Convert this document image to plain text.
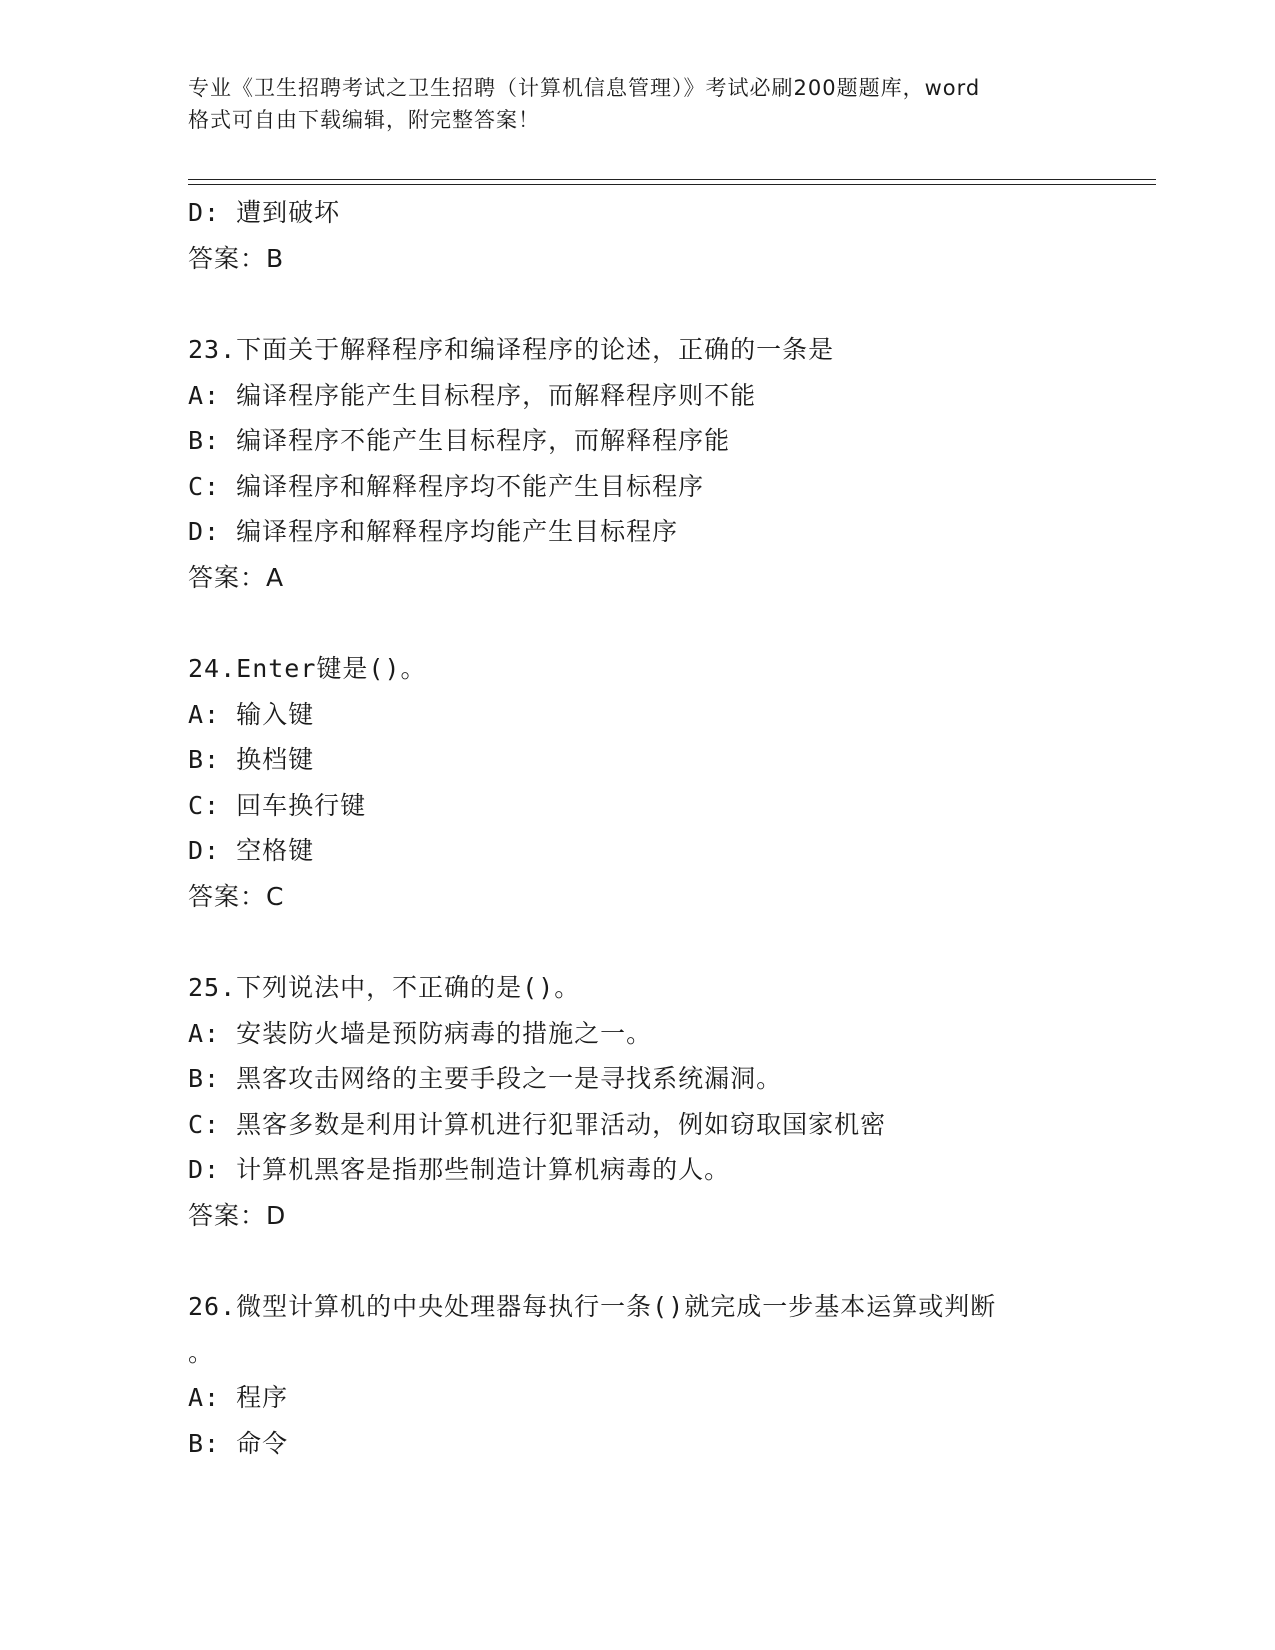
专业《卫生招聘考试之卫生招聘（计算机信息管理）》考试必刷200题题库，word
格式可自由下载编辑，附完整答案！
D: 遭到破坏
答案：B
23.下面关于解释程序和编译程序的论述，正确的一条是
A: 编译程序能产生目标程序，而解释程序则不能
B: 编译程序不能产生目标程序，而解释程序能
C: 编译程序和解释程序均不能产生目标程序
D: 编译程序和解释程序均能产生目标程序
答案：A
24.Enter键是()。
A: 输入键
B: 换档键
C: 回车换行键
D: 空格键
答案：C
25.下列说法中，不正确的是()。
A: 安装防火墙是预防病毒的措施之一。
B: 黑客攻击网络的主要手段之一是寻找系统漏洞。
C: 黑客多数是利用计算机进行犯罪活动，例如窃取国家机密
D: 计算机黑客是指那些制造计算机病毒的人。
答案：D
26.微型计算机的中央处理器每执行一条()就完成一步基本运算或判断
。
A: 程序
B: 命令
